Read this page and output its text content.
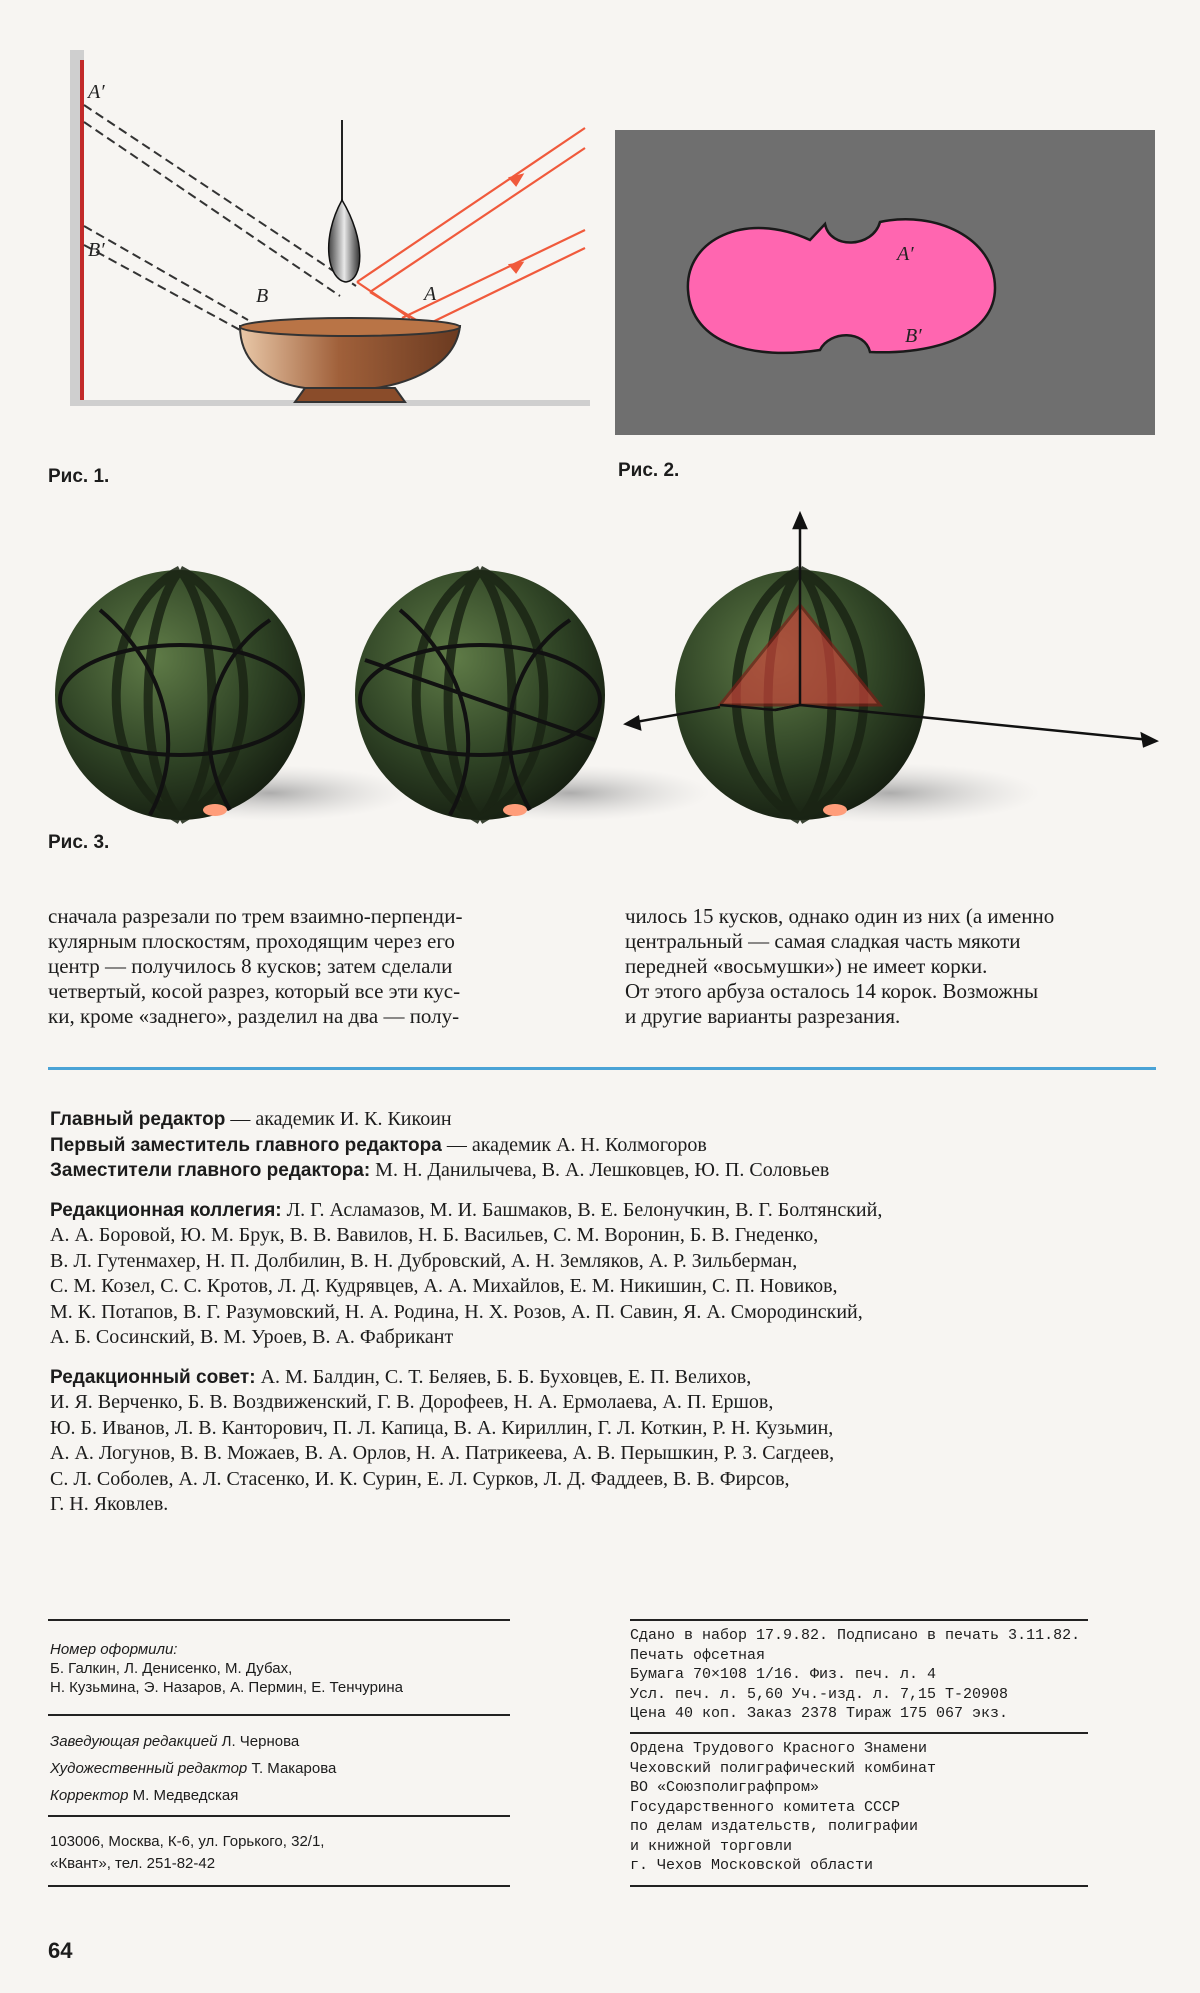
A′
B′
B	A
Рис. 1.
A′
B′
Рис. 2.
Рис. 3.

сначала разрезали по трем взаимно-перпенди-

кулярным плоскостям, проходящим через его

центр — получилось 8 кусков; затем сделали

четвертый, косой разрез, который все эти кус-

ки, кроме «заднего», разделил на два — полу-

чилось 15 кусков, однако один из них (а именно

центральный — самая сладкая часть мякоти

передней «восьмушки») не имеет корки.

От этого арбуза осталось 14 корок. Возможны

и другие варианты разрезания.

Главный редактор — академик И. К. Кикоин
Первый заместитель главного редактора — академик А. Н. Колмогоров
Заместители главного редактора: М. Н. Данилычева, В. А. Лешковцев, Ю. П. Соловьев
Редакционная коллегия: Л. Г. Асламазов, М. И. Башмаков, В. Е. Белонучкин, В. Г. Болтянский,
А. А. Боровой, Ю. М. Брук, В. В. Вавилов, Н. Б. Васильев, С. М. Воронин, Б. В. Гнеденко,
В. Л. Гутенмахер, Н. П. Долбилин, В. Н. Дубровский, А. Н. Земляков, А. Р. Зильберман,
С. М. Козел, С. С. Кротов, Л. Д. Кудрявцев, А. А. Михайлов, Е. М. Никишин, С. П. Новиков,
М. К. Потапов, В. Г. Разумовский, Н. А. Родина, Н. Х. Розов, А. П. Савин, Я. А. Смородинский,
А. Б. Сосинский, В. М. Уроев, В. А. Фабрикант
Редакционный совет: А. М. Балдин, С. Т. Беляев, Б. Б. Буховцев, Е. П. Велихов,
И. Я. Верченко, Б. В. Воздвиженский, Г. В. Дорофеев, Н. А. Ермолаева, А. П. Ершов,
Ю. Б. Иванов, Л. В. Канторович, П. Л. Капица, В. А. Кириллин, Г. Л. Коткин, Р. Н. Кузьмин,
А. А. Логунов, В. В. Можаев, В. А. Орлов, Н. А. Патрикеева, А. В. Перышкин, Р. З. Сагдеев,
С. Л. Соболев, А. Л. Стасенко, И. К. Сурин, Е. Л. Сурков, Л. Д. Фаддеев, В. В. Фирсов,
Г. Н. Яковлев.
Номер оформили:
Б. Галкин, Л. Денисенко, М. Дубах,
Н. Кузьмина, Э. Назаров, А. Пермин, Е. Тенчурина
Заведующая редакцией Л. Чернова
Художественный редактор Т. Макарова
Корректор М. Медведская
103006, Москва, К-6, ул. Горького, 32/1,
«Квант», тел. 251-82-42
Сдано в набор 17.9.82. Подписано в печать 3.11.82.
Печать офсетная
Бумага 70×108 1/16. Физ. печ. л. 4
Усл. печ. л. 5,60 Уч.-изд. л. 7,15 Т-20908
Цена 40 коп. Заказ 2378 Тираж 175 067 экз.
Ордена Трудового Красного Знамени
Чеховский полиграфический комбинат
ВО «Союзполиграфпром»
Государственного комитета СССР
по делам издательств, полиграфии
и книжной торговли
г. Чехов Московской области
64
